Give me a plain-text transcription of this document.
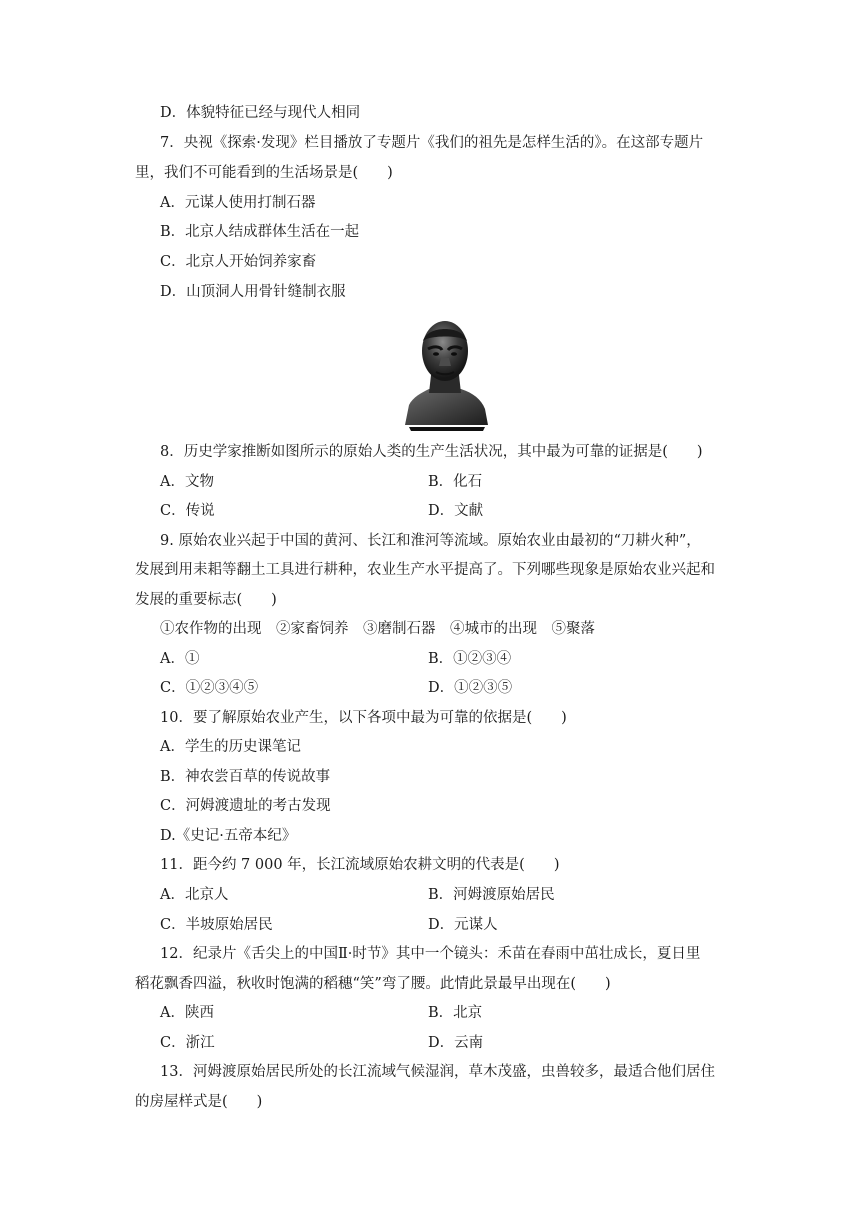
D．体貌特征已经与现代人相同
7．央视《探索·发现》栏目播放了专题片《我们的祖先是怎样生活的》。在这部专题片
里，我们不可能看到的生活场景是(　　)
A．元谋人使用打制石器
B．北京人结成群体生活在一起
C．北京人开始饲养家畜
D．山顶洞人用骨针缝制衣服
8．历史学家推断如图所示的原始人类的生产生活状况，其中最为可靠的证据是(　　)
A．文物	B．化石
C．传说	D．文献
9. 原始农业兴起于中国的黄河、长江和淮河等流域。原始农业由最初的“刀耕火种”，
发展到用耒耜等翻土工具进行耕种，农业生产水平提高了。下列哪些现象是原始农业兴起和
发展的重要标志(　　)
①农作物的出现　②家畜饲养　③磨制石器　④城市的出现　⑤聚落
A．①	B．①②③④
C．①②③④⑤	D．①②③⑤
10．要了解原始农业产生，以下各项中最为可靠的依据是(　　)
A．学生的历史课笔记
B．神农尝百草的传说故事
C．河姆渡遗址的考古发现
D.《史记·五帝本纪》
11．距今约 7 000 年，长江流域原始农耕文明的代表是(　　)
A．北京人	B．河姆渡原始居民
C．半坡原始居民	D．元谋人
12．纪录片《舌尖上的中国Ⅱ·时节》其中一个镜头：禾苗在春雨中茁壮成长，夏日里
稻花飘香四溢，秋收时饱满的稻穗“笑”弯了腰。此情此景最早出现在(　　)
A．陕西	B．北京
C．浙江	D．云南
13．河姆渡原始居民所处的长江流域气候湿润，草木茂盛，虫兽较多，最适合他们居住
的房屋样式是(　　)
